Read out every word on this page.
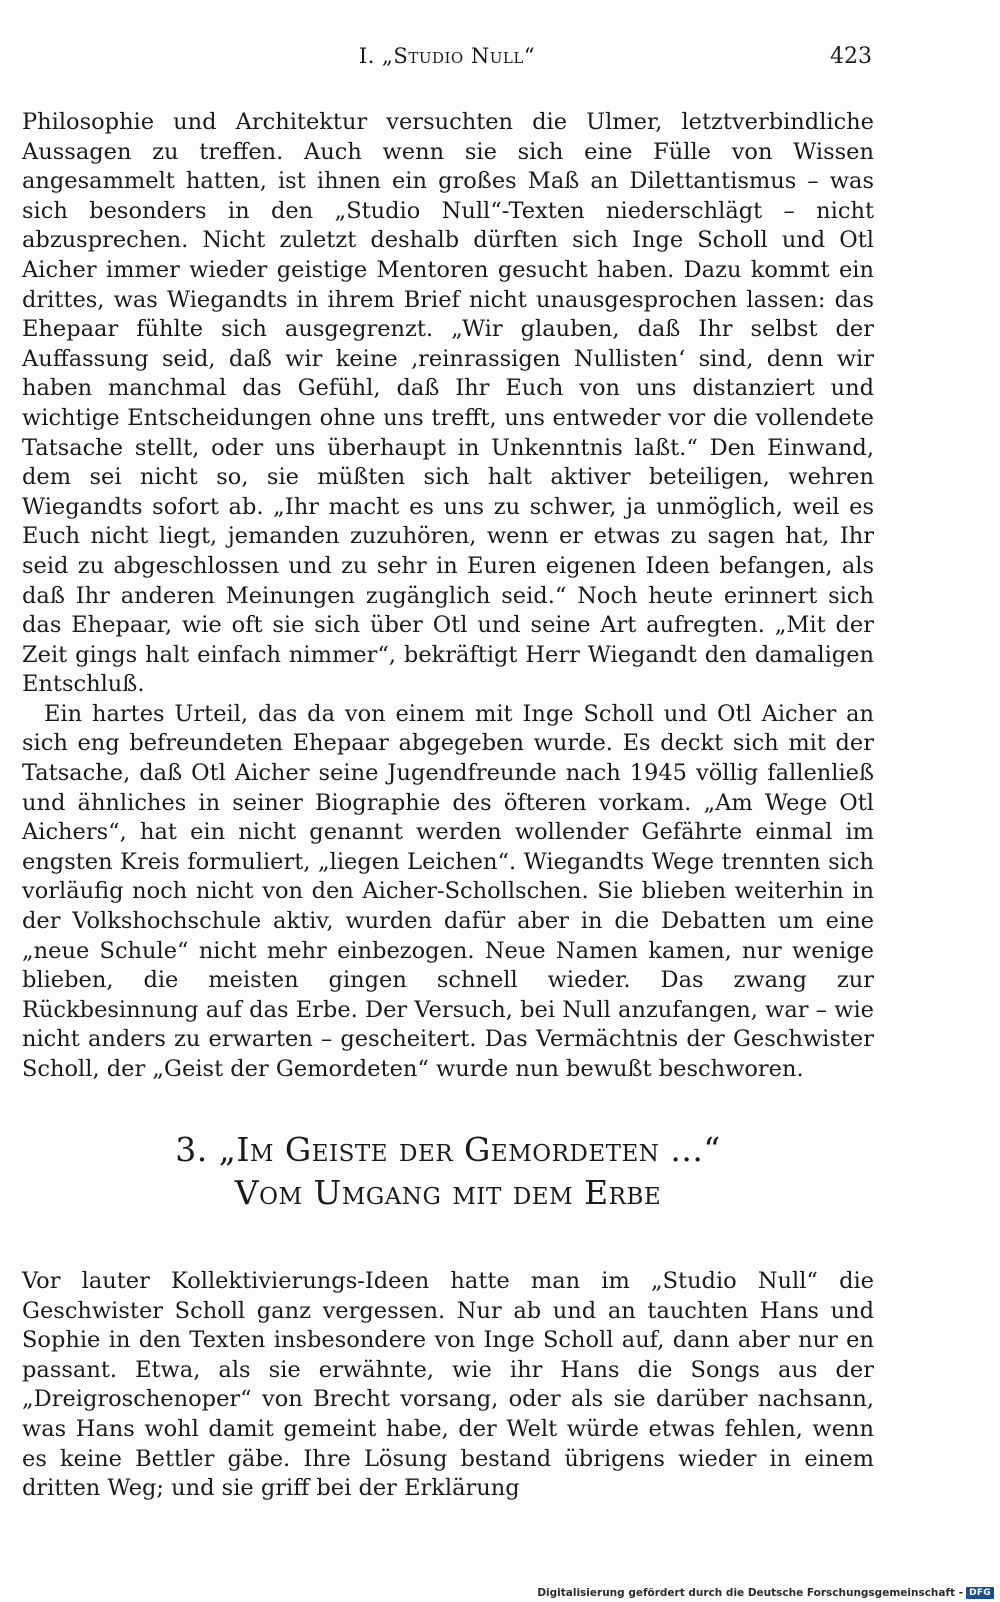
I. „Studio Null“	423

Philosophie und Architektur versuchten die Ulmer, letztverbindliche Aussagen zu treffen. Auch wenn sie sich eine Fülle von Wissen angesammelt hatten, ist ihnen ein großes Maß an Dilettantismus – was sich besonders in den „Studio Null“-Texten niederschlägt – nicht abzusprechen. Nicht zuletzt deshalb dürften sich Inge Scholl und Otl Aicher immer wieder geistige Mentoren gesucht haben. Dazu kommt ein drittes, was Wiegandts in ihrem Brief nicht unausgesprochen lassen: das Ehepaar fühlte sich ausgegrenzt. „Wir glauben, daß Ihr selbst der Auffassung seid, daß wir keine ‚reinrassigen Nullisten‘ sind, denn wir haben manchmal das Gefühl, daß Ihr Euch von uns distanziert und wichtige Entscheidungen ohne uns trefft, uns entweder vor die vollendete Tatsache stellt, oder uns überhaupt in Unkenntnis laßt.“ Den Einwand, dem sei nicht so, sie müßten sich halt aktiver beteiligen, wehren Wiegandts sofort ab. „Ihr macht es uns zu schwer, ja unmöglich, weil es Euch nicht liegt, jemanden zuzuhören, wenn er etwas zu sagen hat, Ihr seid zu abgeschlossen und zu sehr in Euren eigenen Ideen befangen, als daß Ihr anderen Meinungen zugänglich seid.“ Noch heute erinnert sich das Ehepaar, wie oft sie sich über Otl und seine Art aufregten. „Mit der Zeit gings halt einfach nimmer“, bekräftigt Herr Wiegandt den damaligen Entschluß.

Ein hartes Urteil, das da von einem mit Inge Scholl und Otl Aicher an sich eng befreundeten Ehepaar abgegeben wurde. Es deckt sich mit der Tatsache, daß Otl Aicher seine Jugendfreunde nach 1945 völlig fallenließ und ähnliches in seiner Biographie des öfteren vorkam. „Am Wege Otl Aichers“, hat ein nicht genannt werden wollender Gefährte einmal im engsten Kreis formuliert, „liegen Leichen“. Wiegandts Wege trennten sich vorläufig noch nicht von den Aicher-Schollschen. Sie blieben weiterhin in der Volkshochschule aktiv, wurden dafür aber in die Debatten um eine „neue Schule“ nicht mehr einbezogen. Neue Namen kamen, nur wenige blieben, die meisten gingen schnell wieder. Das zwang zur Rückbesinnung auf das Erbe. Der Versuch, bei Null anzufangen, war – wie nicht anders zu erwarten – gescheitert. Das Vermächtnis der Geschwister Scholl, der „Geist der Gemordeten“ wurde nun bewußt beschworen.

3. „Im Geiste der Gemordeten ...“
Vom Umgang mit dem Erbe

Vor lauter Kollektivierungs-Ideen hatte man im „Studio Null“ die Geschwister Scholl ganz vergessen. Nur ab und an tauchten Hans und Sophie in den Texten insbesondere von Inge Scholl auf, dann aber nur en passant. Etwa, als sie erwähnte, wie ihr Hans die Songs aus der „Dreigroschenoper“ von Brecht vorsang, oder als sie darüber nachsann, was Hans wohl damit gemeint habe, der Welt würde etwas fehlen, wenn es keine Bettler gäbe. Ihre Lösung bestand übrigens wieder in einem dritten Weg; und sie griff bei der Erklärung

Digitalisierung gefördert durch die Deutsche Forschungsgemeinschaft - DFG
